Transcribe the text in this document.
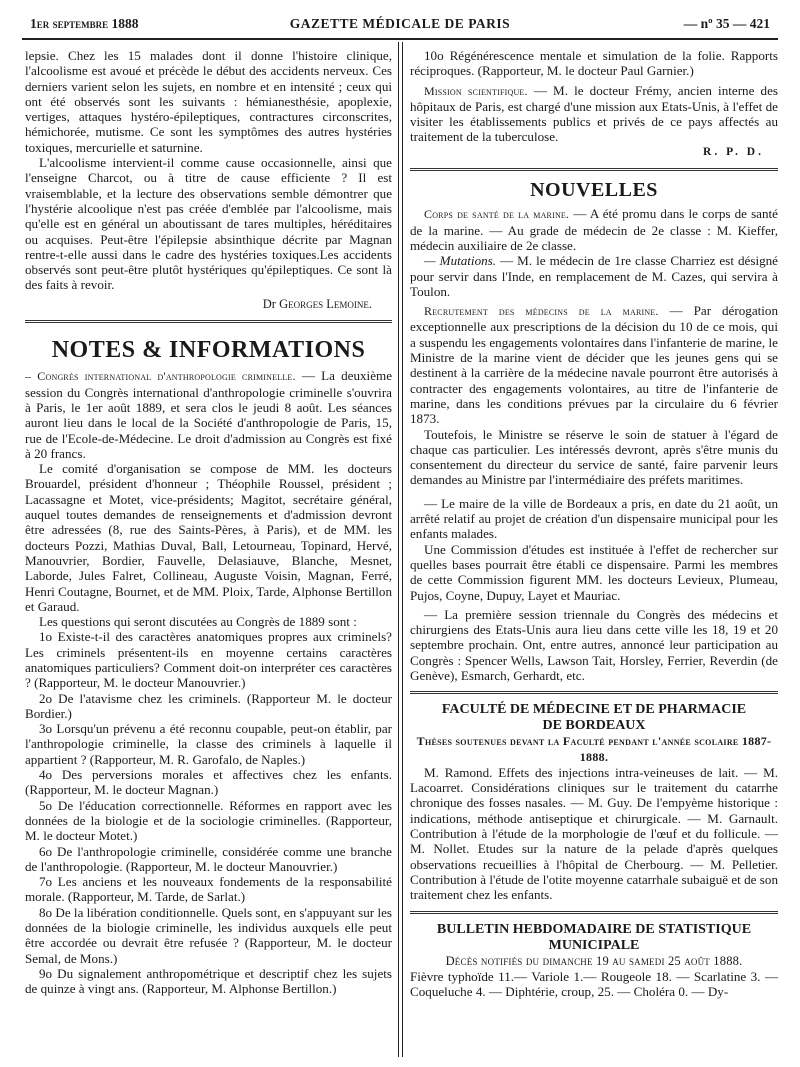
1er septembre 1888	GAZETTE MÉDICALE DE PARIS	— nº 35 — 421

lepsie. Chez les 15 malades dont il donne l'histoire clinique, l'alcoolisme est avoué et précède le début des accidents nerveux. Ces derniers varient selon les sujets, en nombre et en intensité ; ceux qui ont été observés sont les suivants : hémianesthésie, apoplexie, vertiges, attaques hystéro-épileptiques, contractures circonscrites, hémichorée, mutisme. Ce sont les symptômes des autres hystéries toxiques, mercurielle et saturnine.

L'alcoolisme intervient-il comme cause occasionnelle, ainsi que l'enseigne Charcot, ou à titre de cause efficiente ? Il est vraisemblable, et la lecture des observations semble démontrer que l'hystérie alcoolique n'est pas créée d'emblée par l'alcoolisme, mais qu'elle est en général un aboutissant de tares multiples, héréditaires ou acquises. Peut-être l'épilepsie absinthique décrite par Magnan rentre-t-elle aussi dans le cadre des hystéries toxiques.Les accidents observés sont peut-être plutôt hystériques qu'épileptiques. Ce sont là des faits à revoir.

Dr Georges Lemoine.
NOTES & INFORMATIONS

– Congrès international d'anthropologie criminelle. — La deuxième session du Congrès international d'anthropologie criminelle s'ouvrira à Paris, le 1er août 1889, et sera clos le jeudi 8 août. Les séances auront lieu dans le local de la Société d'anthropologie de Paris, 15, rue de l'Ecole-de-Médecine. Le droit d'admission au Congrès est fixé à 20 francs.

Le comité d'organisation se compose de MM. les docteurs Brouardel, président d'honneur ; Théophile Roussel, président ; Lacassagne et Motet, vice-présidents; Magitot, secrétaire général, auquel toutes demandes de renseignements et d'admission devront être adressées (8, rue des Saints-Pères, à Paris), et de MM. les docteurs Pozzi, Mathias Duval, Ball, Letourneau, Topinard, Hervé, Manouvrier, Bordier, Fauvelle, Delasiauve, Blanche, Mesnet, Laborde, Jules Falret, Collineau, Auguste Voisin, Magnan, Ferré, Henri Coutagne, Bournet, et de MM. Ploix, Tarde, Alphonse Bertillon et Garaud.

Les questions qui seront discutées au Congrès de 1889 sont :

1o Existe-t-il des caractères anatomiques propres aux criminels? Les criminels présentent-ils en moyenne certains caractères anatomiques particuliers? Comment doit-on interpréter ces caractères ? (Rapporteur, M. le docteur Manouvrier.)

2o De l'atavisme chez les criminels. (Rapporteur M. le docteur Bordier.)

3o Lorsqu'un prévenu a été reconnu coupable, peut-on établir, par l'anthropologie criminelle, la classe des criminels à laquelle il appartient ? (Rapporteur, M. R. Garofalo, de Naples.)

4o Des perversions morales et affectives chez les enfants. (Rapporteur, M. le docteur Magnan.)

5o De l'éducation correctionnelle. Réformes en rapport avec les données de la biologie et de la sociologie criminelles. (Rapporteur, M. le docteur Motet.)

6o De l'anthropologie criminelle, considérée comme une branche de l'anthropologie. (Rapporteur, M. le docteur Manouvrier.)

7o Les anciens et les nouveaux fondements de la responsabilité morale. (Rapporteur, M. Tarde, de Sarlat.)

8o De la libération conditionnelle. Quels sont, en s'appuyant sur les données de la biologie criminelle, les individus auxquels elle peut être accordée ou devrait être refusée ? (Rapporteur, M. le docteur Semal, de Mons.)

9o Du signalement anthropométrique et descriptif chez les sujets de quinze à vingt ans. (Rapporteur, M. Alphonse Bertillon.)

10o Régénérescence mentale et simulation de la folie. Rapports réciproques. (Rapporteur, M. le docteur Paul Garnier.)

Mission scientifique. — M. le docteur Frémy, ancien interne des hôpitaux de Paris, est chargé d'une mission aux Etats-Unis, à l'effet de visiter les établissements publics et privés de ce pays affectés au traitement de la tuberculose.

R. P. D.
NOUVELLES

Corps de santé de la marine. — A été promu dans le corps de santé de la marine. — Au grade de médecin de 2e classe : M. Kieffer, médecin auxiliaire de 2e classe.

— Mutations. — M. le médecin de 1re classe Charriez est désigné pour servir dans l'Inde, en remplacement de M. Cazes, qui servira à Toulon.

Recrutement des médecins de la marine. — Par dérogation exceptionnelle aux prescriptions de la décision du 10 de ce mois, qui a suspendu les engagements volontaires dans l'infanterie de marine, le Ministre de la marine vient de décider que les jeunes gens qui se destinent à la carrière de la médecine navale pourront être autorisés à contracter des engagements volontaires, au titre de l'infanterie de marine, dans les conditions prévues par la circulaire du 6 février 1873.

Toutefois, le Ministre se réserve le soin de statuer à l'égard de chaque cas particulier. Les intéressés devront, après s'être munis du consentement du directeur du service de santé, faire parvenir leurs demandes au Ministre par l'intermédiaire des préfets maritimes.

— Le maire de la ville de Bordeaux a pris, en date du 21 août, un arrêté relatif au projet de création d'un dispensaire municipal pour les enfants malades.

Une Commission d'études est instituée à l'effet de rechercher sur quelles bases pourrait être établi ce dispensaire. Parmi les membres de cette Commission figurent MM. les docteurs Levieux, Plumeau, Pujos, Coyne, Dupuy, Layet et Mauriac.

— La première session triennale du Congrès des médecins et chirurgiens des Etats-Unis aura lieu dans cette ville les 18, 19 et 20 septembre prochain. Ont, entre autres, annoncé leur participation au Congrès : Spencer Wells, Lawson Tait, Horsley, Ferrier, Reverdin (de Genève), Esmarch, Gerhardt, etc.

FACULTÉ DE MÉDECINE ET DE PHARMACIE
DE BORDEAUX
Thèses soutenues devant la Faculté pendant l'année scolaire 1887-1888.

M. Ramond. Effets des injections intra-veineuses de lait. — M. Lacoarret. Considérations cliniques sur le traitement du catarrhe chronique des fosses nasales. — M. Guy. De l'empyème historique : indications, méthode antiseptique et chirurgicale. — M. Garnault. Contribution à l'étude de la morphologie de l'œuf et du follicule. — M. Nollet. Etudes sur la nature de la pelade d'après quelques observations recueillies à l'hôpital de Cherbourg. — M. Pelletier. Contribution à l'étude de l'otite moyenne catarrhale subaiguë et de son traitement chez les enfants.

BULLETIN HEBDOMADAIRE DE STATISTIQUE
MUNICIPALE
Décès notifiés du dimanche 19 au samedi 25 août 1888.

Fièvre typhoïde 11.— Variole 1.— Rougeole 18. — Scarlatine 3. — Coqueluche 4. — Diphtérie, croup, 25. — Choléra 0. — Dy-
